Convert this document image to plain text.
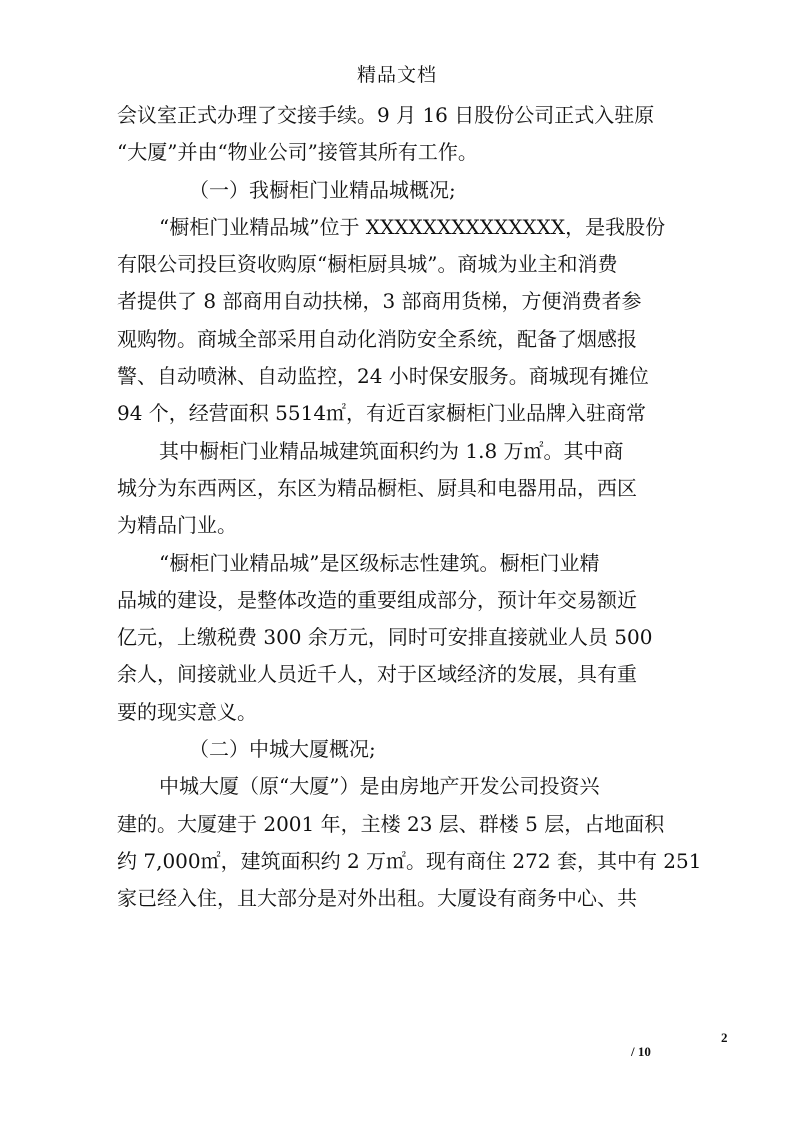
精品文档
会议室正式办理了交接手续。9 月 16 日股份公司正式入驻原
“大厦”并由“物业公司”接管其所有工作。
（一）我橱柜门业精品城概况;
“橱柜门业精品城”位于 XXXXXXXXXXXXXX，是我股份
有限公司投巨资收购原“橱柜厨具城”。商城为业主和消费
者提供了 8 部商用自动扶梯，3 部商用货梯，方便消费者参
观购物。商城全部采用自动化消防安全系统，配备了烟感报
警、自动喷淋、自动监控，24 小时保安服务。商城现有摊位
94 个，经营面积 5514㎡，有近百家橱柜门业品牌入驻商常
其中橱柜门业精品城建筑面积约为 1.8 万㎡。其中商
城分为东西两区，东区为精品橱柜、厨具和电器用品，西区
为精品门业。
“橱柜门业精品城”是区级标志性建筑。橱柜门业精
品城的建设，是整体改造的重要组成部分，预计年交易额近
亿元，上缴税费 300 余万元，同时可安排直接就业人员 500
余人，间接就业人员近千人，对于区域经济的发展，具有重
要的现实意义。
（二）中城大厦概况;
中城大厦（原“大厦”）是由房地产开发公司投资兴
建的。大厦建于 2001 年，主楼 23 层、群楼 5 层，占地面积
约 7,000㎡，建筑面积约 2 万㎡。现有商住 272 套，其中有 251
家已经入住，且大部分是对外出租。大厦设有商务中心、共
2
/ 10
